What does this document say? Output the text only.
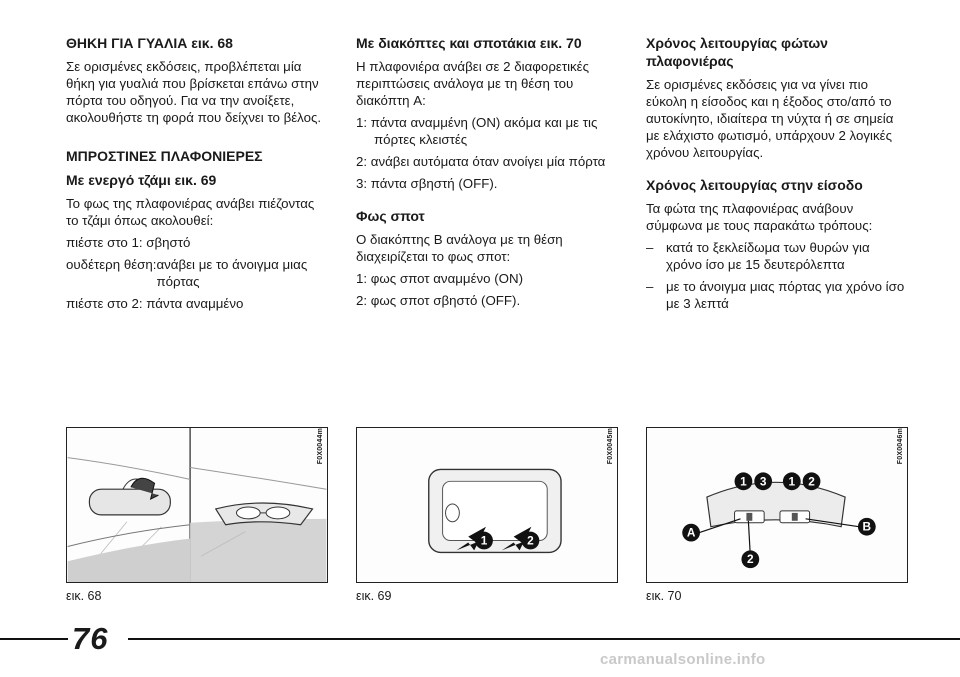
ΘΗΚΗ ΓΙΑ ΓΥΑΛΙΑ εικ. 68

Σε ορισμένες εκδόσεις, προβλέπεται μία θήκη για γυαλιά που βρίσκεται επάνω στην πόρτα του οδηγού. Για να την ανοίξετε, ακολουθήστε τη φορά που δείχνει το βέλος.

ΜΠΡΟΣΤΙΝΕΣ ΠΛΑΦΟΝΙΕΡΕΣ
Με ενεργό τζάμι εικ. 69

Το φως της πλαφονιέρας ανάβει πιέζοντας το τζάμι όπως ακολουθεί:

πιέστε στο 1: σβηστό

ουδέτερη θέση: ανάβει με το άνοιγμα μιας πόρτας

πιέστε στο 2: πάντα αναμμένο

Με διακόπτες και σποτάκια εικ. 70

Η πλαφονιέρα ανάβει σε 2 διαφορετικές περιπτώσεις ανάλογα με τη θέση του διακόπτη A:

1: πάντα αναμμένη (ON) ακόμα και με τις πόρτες κλειστές

2: ανάβει αυτόματα όταν ανοίγει μία πόρτα

3: πάντα σβηστή (OFF).

Φως σποτ

O διακόπτης B ανάλογα με τη θέση διαχειρίζεται το φως σποτ:

1: φως σποτ αναμμένο (ON)

2: φως σποτ σβηστό (OFF).

Χρόνος λειτουργίας φώτων πλαφονιέρας

Σε ορισμένες εκδόσεις για να γίνει πιο εύκολη η είσοδος και η έξοδος στο/από το αυτοκίνητο, ιδιαίτερα τη νύχτα ή σε σημεία με ελάχιστο φωτισμό, υπάρχουν 2 λογικές χρόνου λειτουργίας.

Χρόνος λειτουργίας στην είσοδο

Τα φώτα της πλαφονιέρας ανάβουν σύμφωνα με τους παρακάτω τρόπους:

– κατά το ξεκλείδωμα των θυρών για χρόνο ίσο με 15 δευτερόλεπτα
– με το άνοιγμα μιας πόρτας για χρόνο ίσο με 3 λεπτά
F0X0044m
εικ. 68
1	2
F0X0045m
εικ. 69
1 3 1 2
A	B
2
F0X0046m
εικ. 70
76
carmanualsonline.info
